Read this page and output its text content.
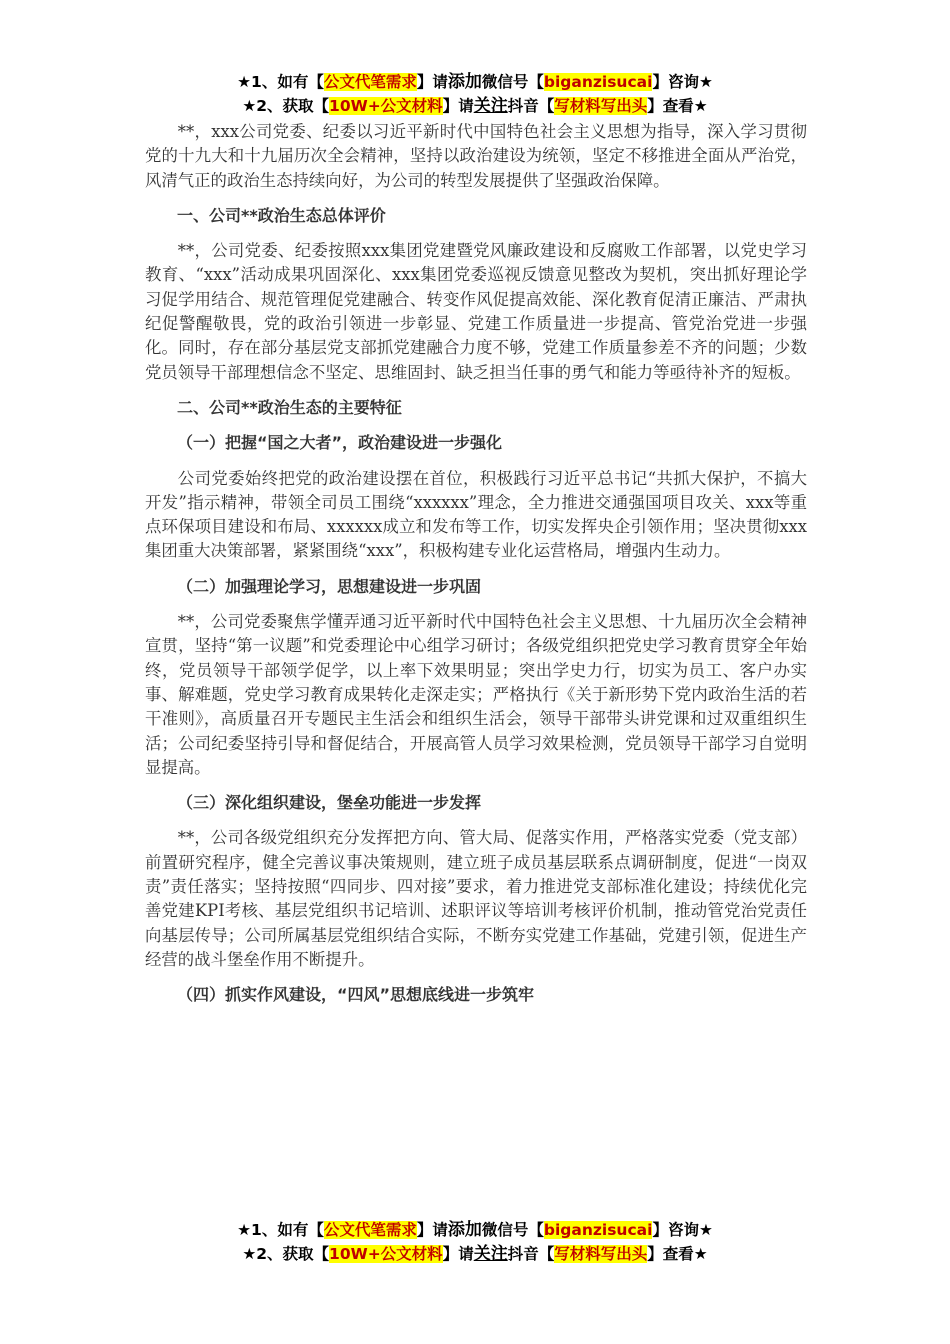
★1、如有【公文代笔需求】请添加微信号【biganzisucai】咨询★
★2、获取【10W+公文材料】请关注抖音【写材料写出头】查看★

**，xxx公司党委、纪委以习近平新时代中国特色社会主义思想为指导，深入学习贯彻党的十九大和十九届历次全会精神，坚持以政治建设为统领，坚定不移推进全面从严治党，风清气正的政治生态持续向好，为公司的转型发展提供了坚强政治保障。

一、公司**政治生态总体评价

**，公司党委、纪委按照xxx集团党建暨党风廉政建设和反腐败工作部署，以党史学习教育、“xxx”活动成果巩固深化、xxx集团党委巡视反馈意见整改为契机，突出抓好理论学习促学用结合、规范管理促党建融合、转变作风促提高效能、深化教育促清正廉洁、严肃执纪促警醒敬畏，党的政治引领进一步彰显、党建工作质量进一步提高、管党治党进一步强化。同时，存在部分基层党支部抓党建融合力度不够，党建工作质量参差不齐的问题；少数党员领导干部理想信念不坚定、思维固封、缺乏担当任事的勇气和能力等亟待补齐的短板。

二、公司**政治生态的主要特征

（一）把握“国之大者”，政治建设进一步强化

公司党委始终把党的政治建设摆在首位，积极践行习近平总书记“共抓大保护，不搞大开发”指示精神，带领全司员工围绕“xxxxxx”理念，全力推进交通强国项目攻关、xxx等重点环保项目建设和布局、xxxxxx成立和发布等工作，切实发挥央企引领作用；坚决贯彻xxx集团重大决策部署，紧紧围绕“xxx”，积极构建专业化运营格局，增强内生动力。

（二）加强理论学习，思想建设进一步巩固

**，公司党委聚焦学懂弄通习近平新时代中国特色社会主义思想、十九届历次全会精神宣贯，坚持“第一议题”和党委理论中心组学习研讨；各级党组织把党史学习教育贯穿全年始终，党员领导干部领学促学，以上率下效果明显；突出学史力行，切实为员工、客户办实事、解难题，党史学习教育成果转化走深走实；严格执行《关于新形势下党内政治生活的若干准则》，高质量召开专题民主生活会和组织生活会，领导干部带头讲党课和过双重组织生活；公司纪委坚持引导和督促结合，开展高管人员学习效果检测，党员领导干部学习自觉明显提高。

（三）深化组织建设，堡垒功能进一步发挥

**，公司各级党组织充分发挥把方向、管大局、促落实作用，严格落实党委（党支部）前置研究程序，健全完善议事决策规则，建立班子成员基层联系点调研制度，促进“一岗双责”责任落实；坚持按照“四同步、四对接”要求，着力推进党支部标准化建设；持续优化完善党建KPI考核、基层党组织书记培训、述职评议等培训考核评价机制，推动管党治党责任向基层传导；公司所属基层党组织结合实际，不断夯实党建工作基础，党建引领，促进生产经营的战斗堡垒作用不断提升。

（四）抓实作风建设，“四风”思想底线进一步筑牢

★1、如有【公文代笔需求】请添加微信号【biganzisucai】咨询★
★2、获取【10W+公文材料】请关注抖音【写材料写出头】查看★
